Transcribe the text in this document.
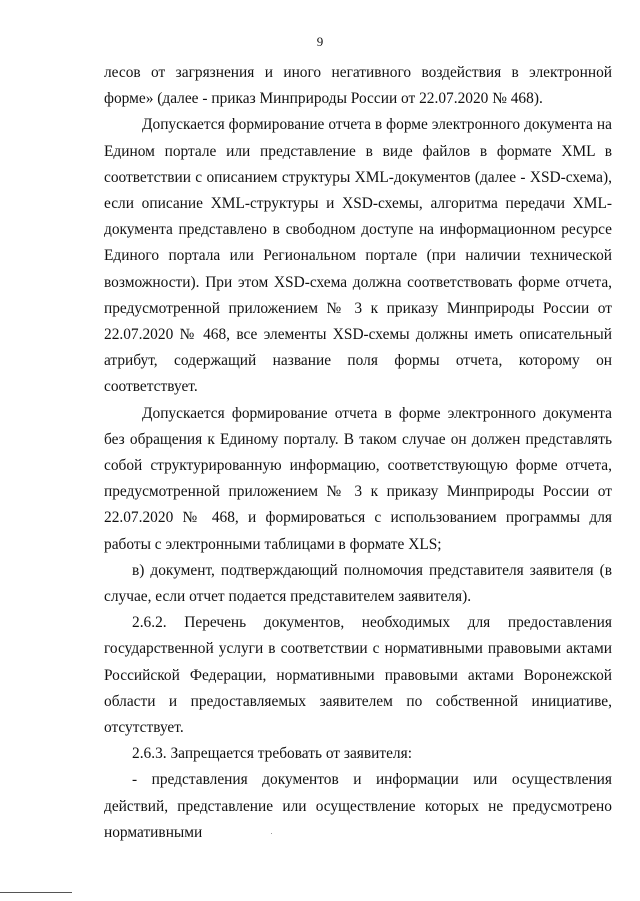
9

лесов от загрязнения и иного негативного воздействия в электронной форме» (далее - приказ Минприроды России от 22.07.2020 № 468).

Допускается формирование отчета в форме электронного документа на Едином портале или представление в виде файлов в формате XML в соответствии с описанием структуры XML-документов (далее - XSD-схема), если описание XML-структуры и XSD-схемы, алгоритма передачи XML-документа представлено в свободном доступе на информационном ресурсе Единого портала или Региональном портале (при наличии технической возможности). При этом XSD-схема должна соответствовать форме отчета, предусмотренной приложением № 3 к приказу Минприроды России от 22.07.2020 № 468, все элементы XSD-схемы должны иметь описательный атрибут, содержащий название поля формы отчета, которому он соответствует.

Допускается формирование отчета в форме электронного документа без обращения к Единому порталу. В таком случае он должен представлять собой структурированную информацию, соответствующую форме отчета, предусмотренной приложением № 3 к приказу Минприроды России от 22.07.2020 № 468, и формироваться с использованием программы для работы с электронными таблицами в формате XLS;

в) документ, подтверждающий полномочия представителя заявителя (в случае, если отчет подается представителем заявителя).

2.6.2. Перечень документов, необходимых для предоставления государственной услуги в соответствии с нормативными правовыми актами Российской Федерации, нормативными правовыми актами Воронежской области и предоставляемых заявителем по собственной инициативе, отсутствует.

2.6.3. Запрещается требовать от заявителя:

- представления документов и информации или осуществления действий, представление или осуществление которых не предусмотрено нормативными
